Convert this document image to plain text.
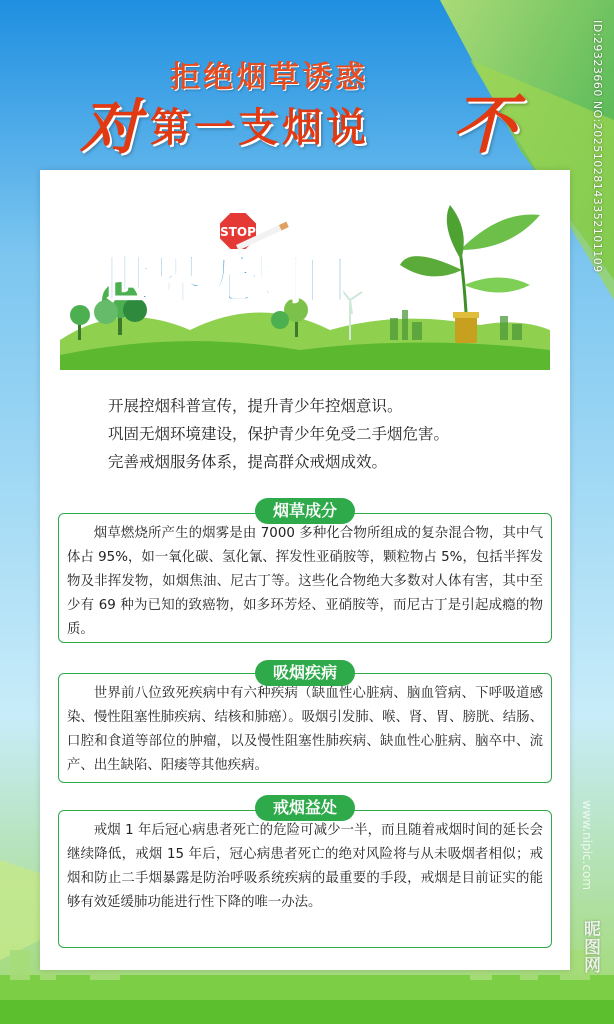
拒绝烟草诱惑
对 第一支烟说 不	ID:29323660 NO:20251028143352101109
世界无烟日
STOP
开展控烟科普宣传，提升青少年控烟意识。
巩固无烟环境建设，保护青少年免受二手烟危害。
完善戒烟服务体系，提高群众戒烟成效。
烟草燃烧所产生的烟雾是由 7000 多种化合物所组成的复杂混合物，其中气体占 95%，如一氧化碳、氢化氰、挥发性亚硝胺等，颗粒物占 5%，包括半挥发物及非挥发物，如烟焦油、尼古丁等。这些化合物绝大多数对人体有害，其中至少有 69 种为已知的致癌物，如多环芳烃、亚硝胺等，而尼古丁是引起成瘾的物质。
烟草成分
世界前八位致死疾病中有六种疾病（缺血性心脏病、脑血管病、下呼吸道感染、慢性阻塞性肺疾病、结核和肺癌）。吸烟引发肺、喉、肾、胃、膀胱、结肠、口腔和食道等部位的肿瘤，以及慢性阻塞性肺疾病、缺血性心脏病、脑卒中、流产、出生缺陷、阳痿等其他疾病。
吸烟疾病
戒烟 1 年后冠心病患者死亡的危险可减少一半，而且随着戒烟时间的延长会继续降低，戒烟 15 年后，冠心病患者死亡的绝对风险将与从未吸烟者相似；戒烟和防止二手烟暴露是防治呼吸系统疾病的最重要的手段，戒烟是目前证实的能够有效延缓肺功能进行性下降的唯一办法。
戒烟益处
昵图网
www.nipic.com
